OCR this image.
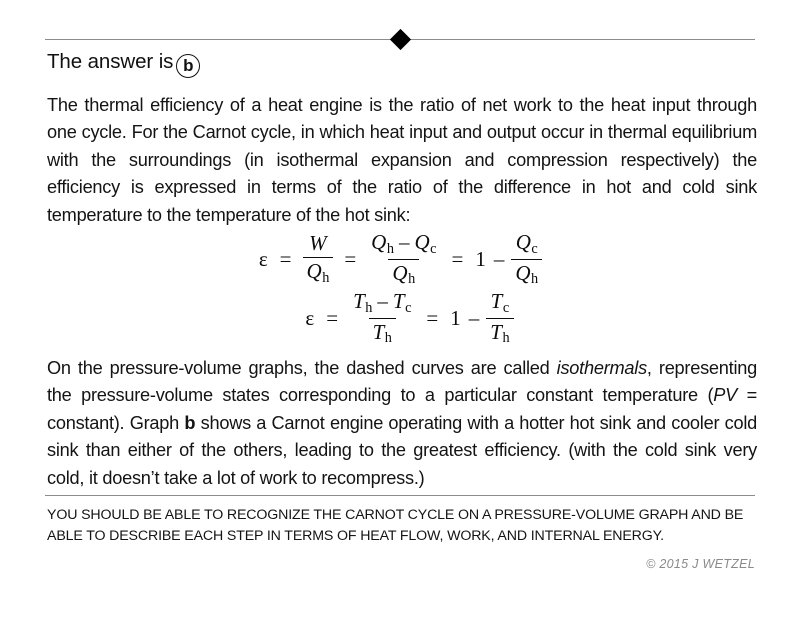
The answer is b
The thermal efficiency of a heat engine is the ratio of net work to the heat input through one cycle. For the Carnot cycle, in which heat input and output occur in thermal equilibrium with the surroundings (in isothermal expansion and compression respectively) the efficiency is expressed in terms of the ratio of the difference in hot and cold sink temperature to the temperature of the hot sink:
$\varepsilon = \frac{W}{Q_h} = \frac{Q_h - Q_c}{Q_h} = 1 - \frac{Q_c}{Q_h}$
$\varepsilon = \frac{T_h - T_c}{T_h} = 1 - \frac{T_c}{T_h}$
On the pressure-volume graphs, the dashed curves are called isothermals, representing the pressure-volume states corresponding to a particular constant temperature (PV = constant). Graph b shows a Carnot engine operating with a hotter hot sink and cooler cold sink than either of the others, leading to the greatest efficiency. (with the cold sink very cold, it doesn’t take a lot of work to recompress.)
YOU SHOULD BE ABLE TO RECOGNIZE THE CARNOT CYCLE ON A PRESSURE-VOLUME GRAPH AND BE ABLE TO DESCRIBE EACH STEP IN TERMS OF HEAT FLOW, WORK, AND INTERNAL ENERGY.
© 2015 J WETZEL
